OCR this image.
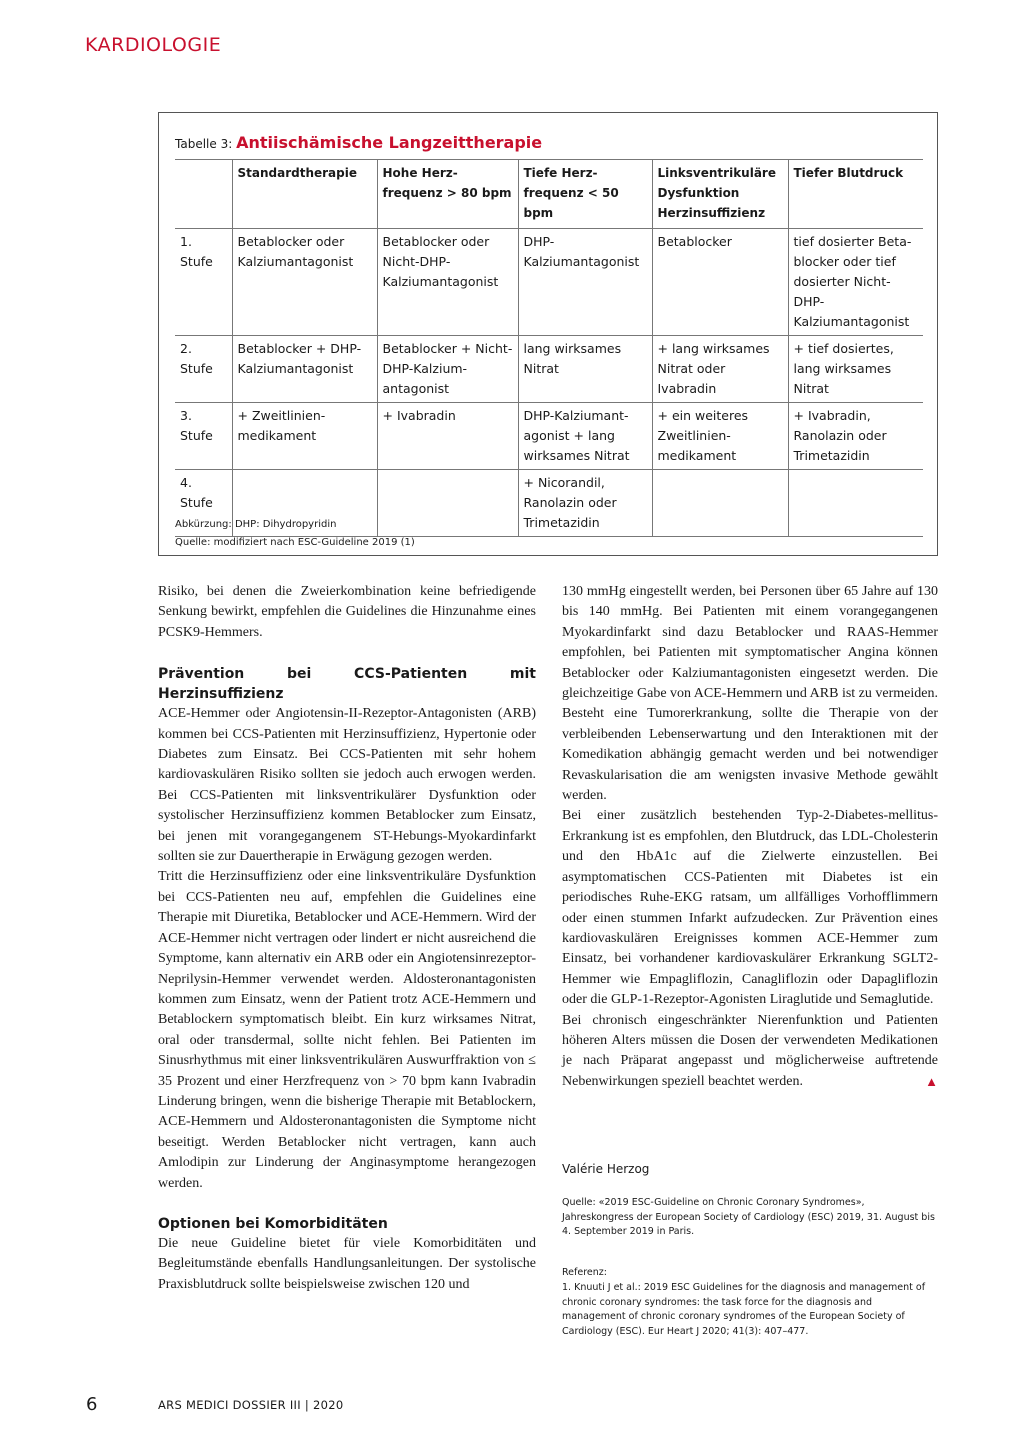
KARDIOLOGIE
Tabelle 3: Antiischämische Langzeittherapie
	Standardtherapie	Hohe Herz- frequenz > 80 bpm	Tiefe Herz- frequenz < 50 bpm	Linksventrikuläre Dysfunktion Herzinsuffizienz	Tiefer Blutdruck
1. Stufe	Betablocker oder Kalziumantagonist	Betablocker oder Nicht-DHP- Kalziumantagonist	DHP- Kalziumantagonist	Betablocker	tief dosierter Beta- blocker oder tief dosierter Nicht-DHP- Kalziumantagonist
2. Stufe	Betablocker + DHP- Kalziumantagonist	Betablocker + Nicht-DHP-Kalzium- antagonist	lang wirksames Nitrat	+ lang wirksames Nitrat oder Ivabradin	+ tief dosiertes, lang wirksames Nitrat
3. Stufe	+ Zweitlinien- medikament	+ Ivabradin	DHP-Kalziumant- agonist + lang wirksames Nitrat	+ ein weiteres Zweitlinien- medikament	+ Ivabradin, Ranolazin oder Trimetazidin
4. Stufe			+ Nicorandil, Ranolazin oder Trimetazidin		
Abkürzung: DHP: Dihydropyridin
Quelle: modifiziert nach ESC-Guideline 2019 (1)

Risiko, bei denen die Zweierkombination keine befriedigende Senkung bewirkt, empfehlen die Guidelines die Hinzunahme eines PCSK9-Hemmers.

Prävention bei CCS-Patienten mit Herzinsuffizienz

ACE-Hemmer oder Angiotensin-II-Rezeptor-Antagonisten (ARB) kommen bei CCS-Patienten mit Herzinsuffizienz, Hypertonie oder Diabetes zum Einsatz. Bei CCS-Patienten mit sehr hohem kardiovaskulären Risiko sollten sie jedoch auch erwogen werden. Bei CCS-Patienten mit linksventrikulärer Dysfunktion oder systolischer Herzinsuffizienz kommen Betablocker zum Einsatz, bei jenen mit vorangegangenem ST-Hebungs-Myokardinfarkt sollten sie zur Dauertherapie in Erwägung gezogen werden.

Tritt die Herzinsuffizienz oder eine linksventrikuläre Dysfunktion bei CCS-Patienten neu auf, empfehlen die Guidelines eine Therapie mit Diuretika, Betablocker und ACE-Hemmern. Wird der ACE-Hemmer nicht vertragen oder lindert er nicht ausreichend die Symptome, kann alternativ ein ARB oder ein Angiotensinrezeptor-Neprilysin-Hemmer verwendet werden. Aldosteronantagonisten kommen zum Einsatz, wenn der Patient trotz ACE-Hemmern und Betablockern symptomatisch bleibt. Ein kurz wirksames Nitrat, oral oder transdermal, sollte nicht fehlen. Bei Patienten im Sinusrhythmus mit einer linksventrikulären Auswurffraktion von ≤ 35 Prozent und einer Herzfrequenz von > 70 bpm kann Ivabradin Linderung bringen, wenn die bisherige Therapie mit Betablockern, ACE-Hemmern und Aldosteronantagonisten die Symptome nicht beseitigt. Werden Betablocker nicht vertragen, kann auch Amlodipin zur Linderung der Anginasymptome herangezogen werden.

Optionen bei Komorbiditäten

Die neue Guideline bietet für viele Komorbiditäten und Begleitumstände ebenfalls Handlungsanleitungen. Der systolische Praxisblutdruck sollte beispielsweise zwischen 120 und

130 mmHg eingestellt werden, bei Personen über 65 Jahre auf 130 bis 140 mmHg. Bei Patienten mit einem vorangegangenen Myokardinfarkt sind dazu Betablocker und RAAS-Hemmer empfohlen, bei Patienten mit symptomatischer Angina können Betablocker oder Kalziumantagonisten eingesetzt werden. Die gleichzeitige Gabe von ACE-Hemmern und ARB ist zu vermeiden.

Besteht eine Tumorerkrankung, sollte die Therapie von der verbleibenden Lebenserwartung und den Interaktionen mit der Komedikation abhängig gemacht werden und bei notwendiger Revaskularisation die am wenigsten invasive Methode gewählt werden.

Bei einer zusätzlich bestehenden Typ-2-Diabetes-mellitus-Erkrankung ist es empfohlen, den Blutdruck, das LDL-Cholesterin und den HbA1c auf die Zielwerte einzustellen. Bei asymptomatischen CCS-Patienten mit Diabetes ist ein periodisches Ruhe-EKG ratsam, um allfälliges Vorhofflimmern oder einen stummen Infarkt aufzudecken. Zur Prävention eines kardiovaskulären Ereignisses kommen ACE-Hemmer zum Einsatz, bei vorhandener kardiovaskulärer Erkrankung SGLT2-Hemmer wie Empagliflozin, Canagliflozin oder Dapagliflozin oder die GLP-1-Rezeptor-Agonisten Liraglutide und Semaglutide.

Bei chronisch eingeschränkter Nierenfunktion und Patienten höheren Alters müssen die Dosen der verwendeten Medikationen je nach Präparat angepasst und möglicherweise auftretende Nebenwirkungen speziell beachtet werden.	▲

Valérie Herzog
Quelle: «2019 ESC-Guideline on Chronic Coronary Syndromes», Jahreskongress der European Society of Cardiology (ESC) 2019, 31. August bis 4. September 2019 in Paris.
Referenz:
1. Knuuti J et al.: 2019 ESC Guidelines for the diagnosis and management of chronic coronary syndromes: the task force for the diagnosis and management of chronic coronary syndromes of the European Society of Cardiology (ESC). Eur Heart J 2020; 41(3): 407–477.
6	ARS MEDICI DOSSIER III | 2020
